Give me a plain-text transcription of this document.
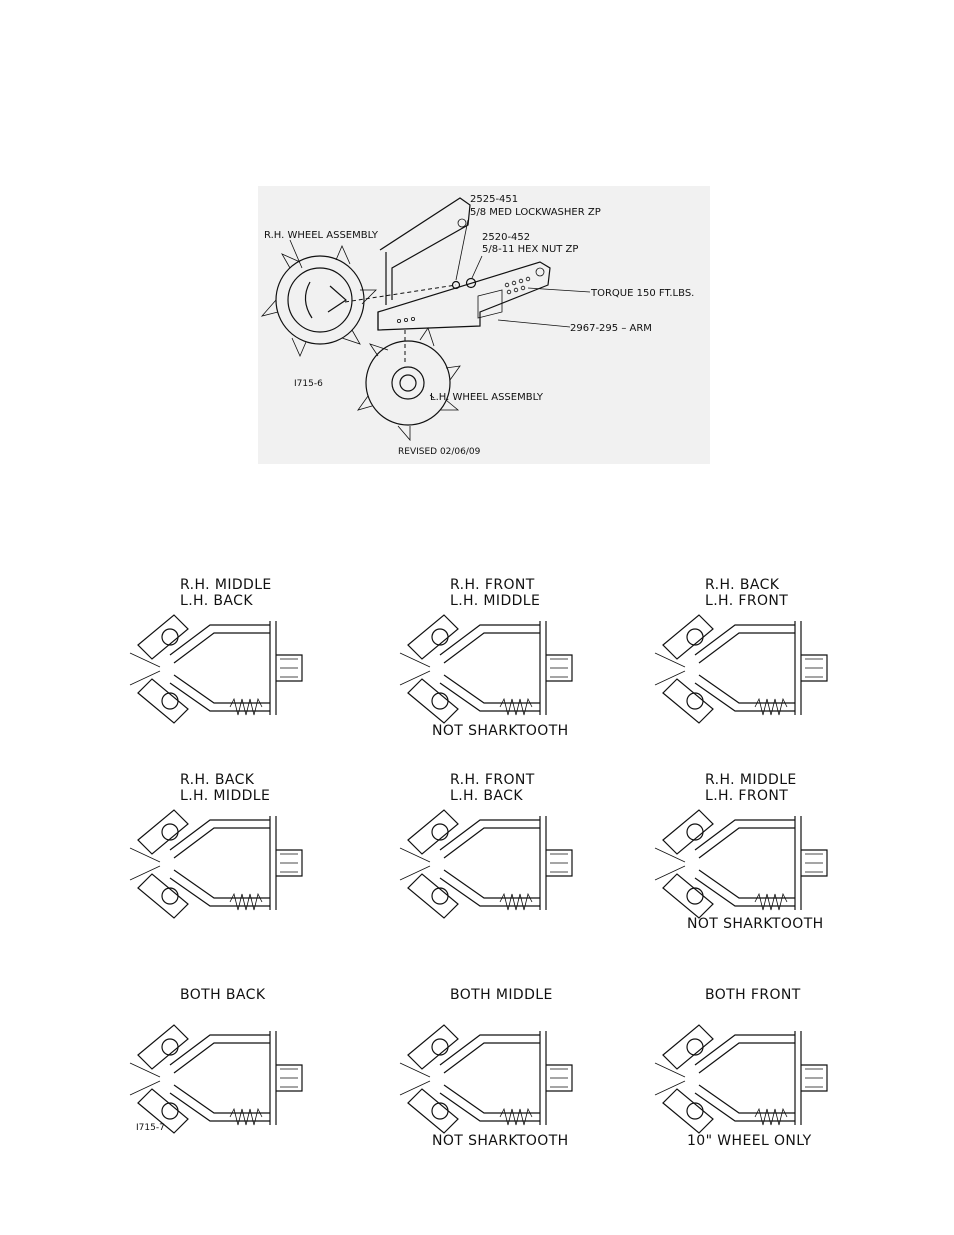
2525-451
5/8 MED LOCKWASHER ZP
2520-452
5/8-11 HEX NUT ZP
R.H. WHEEL ASSEMBLY
TORQUE 150 FT.LBS.
2967-295 – ARM
I715-6
L.H. WHEEL ASSEMBLY
REVISED 02/06/09
R.H. MIDDLE
L.H. BACK
R.H. FRONT
L.H. MIDDLE
NOT SHARKTOOTH
R.H. BACK
L.H. FRONT
R.H. BACK
L.H. MIDDLE
R.H. FRONT
L.H. BACK
R.H. MIDDLE
L.H. FRONT
NOT SHARKTOOTH
BOTH BACK	BOTH MIDDLE
NOT SHARKTOOTH
BOTH FRONT
10" WHEEL ONLY
I715-7
